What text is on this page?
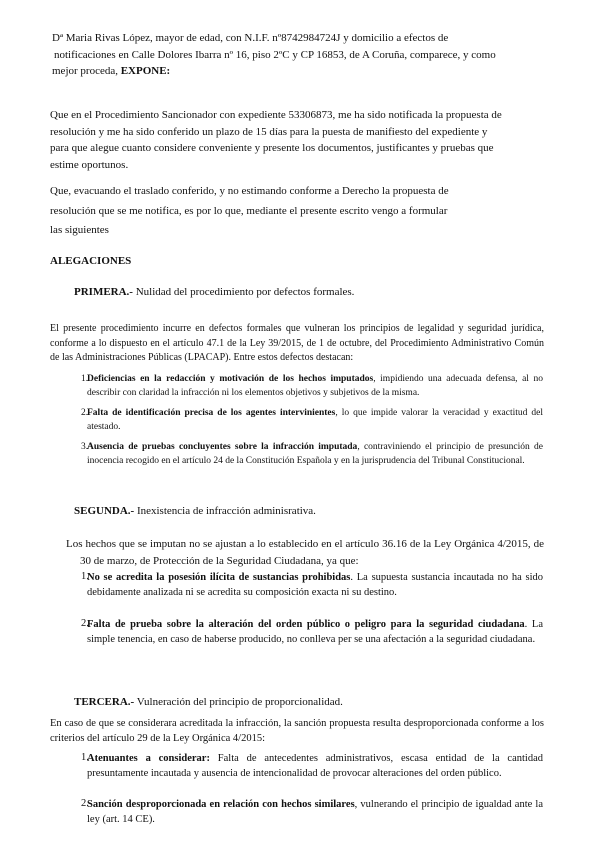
Dª Maria Rivas López, mayor de edad, con N.I.F. nº8742984724J y domicilio a efectos de
notificaciones en Calle Dolores Ibarra nº 16, piso 2ºC y CP 16853, de A Coruña, comparece, y como
mejor proceda, EXPONE:
Que en el Procedimiento Sancionador con expediente 53306873, me ha sido notificada la propuesta de
resolución y me ha sido conferido un plazo de 15 días para la puesta de manifiesto del expediente y
para que alegue cuanto considere conveniente y presente los documentos, justificantes y pruebas que
estime oportunos.
Que, evacuando el traslado conferido, y no estimando conforme a Derecho la propuesta de
resolución que se me notifica, es por lo que, mediante el presente escrito vengo a formular
las siguientes
ALEGACIONES
PRIMERA.- Nulidad del procedimiento por defectos formales.
El presente procedimiento incurre en defectos formales que vulneran los principios de legalidad y seguridad jurídica, conforme a lo dispuesto en el artículo 47.1 de la Ley 39/2015, de 1 de octubre, del Procedimiento Administrativo Común de las Administraciones Públicas (LPACAP). Entre estos defectos destacan:
1.
Deficiencias en la redacción y motivación de los hechos imputados, impidiendo una adecuada defensa, al no describir con claridad la infracción ni los elementos objetivos y subjetivos de la misma.
2.
Falta de identificación precisa de los agentes intervinientes, lo que impide valorar la veracidad y exactitud del atestado.
3.
Ausencia de pruebas concluyentes sobre la infracción imputada, contraviniendo el principio de presunción de inocencia recogido en el artículo 24 de la Constitución Española y en la jurisprudencia del Tribunal Constitucional.
SEGUNDA.- Inexistencia de infracción adminisrativa.
Los hechos que se imputan no se ajustan a lo establecido en el artículo 36.16 de la Ley Orgánica 4/2015, de 30 de marzo, de Protección de la Seguridad Ciudadana, ya que:
1.
No se acredita la posesión ilícita de sustancias prohibidas. La supuesta sustancia incautada no ha sido debidamente analizada ni se acredita su composición exacta ni su destino.
2.
Falta de prueba sobre la alteración del orden público o peligro para la seguridad ciudadana. La simple tenencia, en caso de haberse producido, no conlleva per se una afectación a la seguridad ciudadana.
TERCERA.- Vulneración del principio de proporcionalidad.
En caso de que se considerara acreditada la infracción, la sanción propuesta resulta desproporcionada conforme a los criterios del artículo 29 de la Ley Orgánica 4/2015:
1.
Atenuantes a considerar: Falta de antecedentes administrativos, escasa entidad de la cantidad presuntamente incautada y ausencia de intencionalidad de provocar alteraciones del orden público.
2.
Sanción desproporcionada en relación con hechos similares, vulnerando el principio de igualdad ante la ley (art. 14 CE).
